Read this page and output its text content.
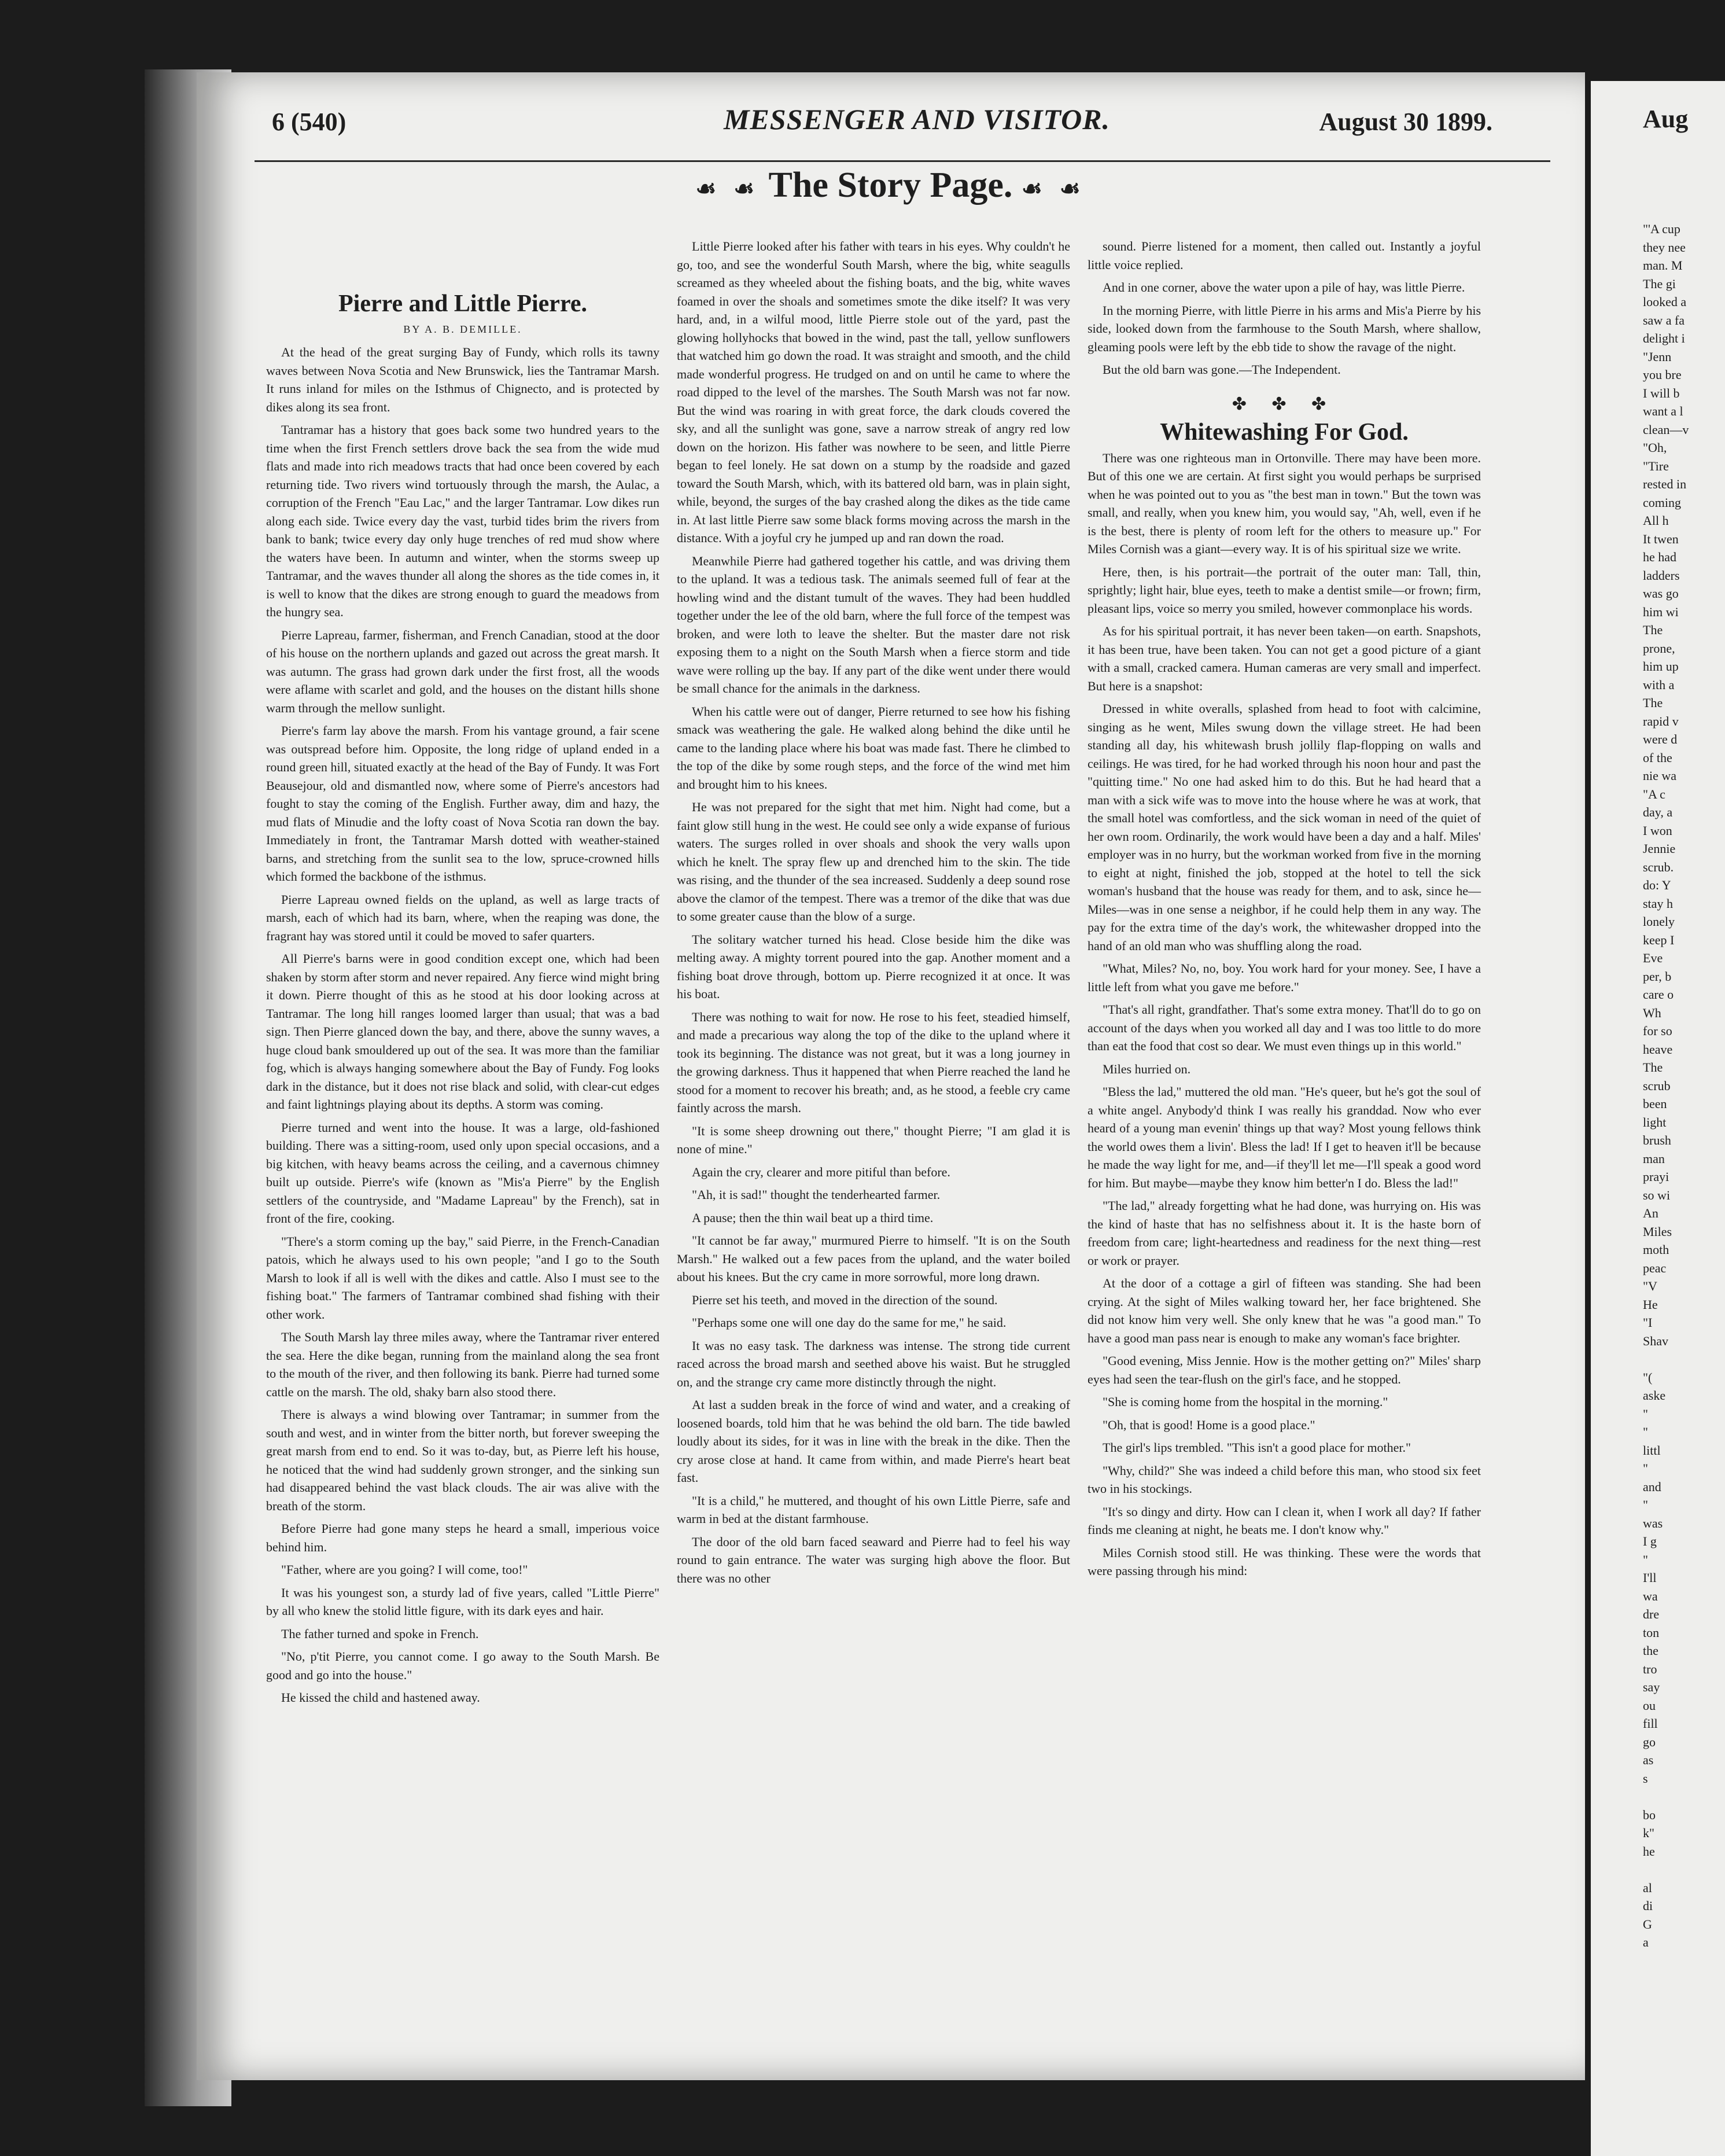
6 (540)	MESSENGER AND VISITOR.	August 30 1899.
☙ ☙ The Story Page. ☙ ☙
Pierre and Little Pierre.
BY A. B. DEMILLE.

At the head of the great surging Bay of Fundy, which rolls its tawny waves between Nova Scotia and New Brunswick, lies the Tantramar Marsh. It runs inland for miles on the Isthmus of Chignecto, and is protected by dikes along its sea front.

Tantramar has a history that goes back some two hundred years to the time when the first French settlers drove back the sea from the wide mud flats and made into rich meadows tracts that had once been covered by each returning tide. Two rivers wind tortuously through the marsh, the Aulac, a corruption of the French "Eau Lac," and the larger Tantramar. Low dikes run along each side. Twice every day the vast, turbid tides brim the rivers from bank to bank; twice every day only huge trenches of red mud show where the waters have been. In autumn and winter, when the storms sweep up Tantramar, and the waves thunder all along the shores as the tide comes in, it is well to know that the dikes are strong enough to guard the meadows from the hungry sea.

Pierre Lapreau, farmer, fisherman, and French Canadian, stood at the door of his house on the northern uplands and gazed out across the great marsh. It was autumn. The grass had grown dark under the first frost, all the woods were aflame with scarlet and gold, and the houses on the distant hills shone warm through the mellow sunlight.

Pierre's farm lay above the marsh. From his vantage ground, a fair scene was outspread before him. Opposite, the long ridge of upland ended in a round green hill, situated exactly at the head of the Bay of Fundy. It was Fort Beausejour, old and dismantled now, where some of Pierre's ancestors had fought to stay the coming of the English. Further away, dim and hazy, the mud flats of Minudie and the lofty coast of Nova Scotia ran down the bay. Immediately in front, the Tantramar Marsh dotted with weather-stained barns, and stretching from the sunlit sea to the low, spruce-crowned hills which formed the backbone of the isthmus.

Pierre Lapreau owned fields on the upland, as well as large tracts of marsh, each of which had its barn, where, when the reaping was done, the fragrant hay was stored until it could be moved to safer quarters.

All Pierre's barns were in good condition except one, which had been shaken by storm after storm and never repaired. Any fierce wind might bring it down. Pierre thought of this as he stood at his door looking across at Tantramar. The long hill ranges loomed larger than usual; that was a bad sign. Then Pierre glanced down the bay, and there, above the sunny waves, a huge cloud bank smouldered up out of the sea. It was more than the familiar fog, which is always hanging somewhere about the Bay of Fundy. Fog looks dark in the distance, but it does not rise black and solid, with clear-cut edges and faint lightnings playing about its depths. A storm was coming.

Pierre turned and went into the house. It was a large, old-fashioned building. There was a sitting-room, used only upon special occasions, and a big kitchen, with heavy beams across the ceiling, and a cavernous chimney built up outside. Pierre's wife (known as "Mis'a Pierre" by the English settlers of the countryside, and "Madame Lapreau" by the French), sat in front of the fire, cooking.

"There's a storm coming up the bay," said Pierre, in the French-Canadian patois, which he always used to his own people; "and I go to the South Marsh to look if all is well with the dikes and cattle. Also I must see to the fishing boat." The farmers of Tantramar combined shad fishing with their other work.

The South Marsh lay three miles away, where the Tantramar river entered the sea. Here the dike began, running from the mainland along the sea front to the mouth of the river, and then following its bank. Pierre had turned some cattle on the marsh. The old, shaky barn also stood there.

There is always a wind blowing over Tantramar; in summer from the south and west, and in winter from the bitter north, but forever sweeping the great marsh from end to end. So it was to-day, but, as Pierre left his house, he noticed that the wind had suddenly grown stronger, and the sinking sun had disappeared behind the vast black clouds. The air was alive with the breath of the storm.

Before Pierre had gone many steps he heard a small, imperious voice behind him.

"Father, where are you going? I will come, too!"

It was his youngest son, a sturdy lad of five years, called "Little Pierre" by all who knew the stolid little figure, with its dark eyes and hair.

The father turned and spoke in French.

"No, p'tit Pierre, you cannot come. I go away to the South Marsh. Be good and go into the house."

He kissed the child and hastened away.

Little Pierre looked after his father with tears in his eyes. Why couldn't he go, too, and see the wonderful South Marsh, where the big, white seagulls screamed as they wheeled about the fishing boats, and the big, white waves foamed in over the shoals and sometimes smote the dike itself? It was very hard, and, in a wilful mood, little Pierre stole out of the yard, past the glowing hollyhocks that bowed in the wind, past the tall, yellow sunflowers that watched him go down the road. It was straight and smooth, and the child made wonderful progress. He trudged on and on until he came to where the road dipped to the level of the marshes. The South Marsh was not far now. But the wind was roaring in with great force, the dark clouds covered the sky, and all the sunlight was gone, save a narrow streak of angry red low down on the horizon. His father was nowhere to be seen, and little Pierre began to feel lonely. He sat down on a stump by the roadside and gazed toward the South Marsh, which, with its battered old barn, was in plain sight, while, beyond, the surges of the bay crashed along the dikes as the tide came in. At last little Pierre saw some black forms moving across the marsh in the distance. With a joyful cry he jumped up and ran down the road.

Meanwhile Pierre had gathered together his cattle, and was driving them to the upland. It was a tedious task. The animals seemed full of fear at the howling wind and the distant tumult of the waves. They had been huddled together under the lee of the old barn, where the full force of the tempest was broken, and were loth to leave the shelter. But the master dare not risk exposing them to a night on the South Marsh when a fierce storm and tide wave were rolling up the bay. If any part of the dike went under there would be small chance for the animals in the darkness.

When his cattle were out of danger, Pierre returned to see how his fishing smack was weathering the gale. He walked along behind the dike until he came to the landing place where his boat was made fast. There he climbed to the top of the dike by some rough steps, and the force of the wind met him and brought him to his knees.

He was not prepared for the sight that met him. Night had come, but a faint glow still hung in the west. He could see only a wide expanse of furious waters. The surges rolled in over shoals and shook the very walls upon which he knelt. The spray flew up and drenched him to the skin. The tide was rising, and the thunder of the sea increased. Suddenly a deep sound rose above the clamor of the tempest. There was a tremor of the dike that was due to some greater cause than the blow of a surge.

The solitary watcher turned his head. Close beside him the dike was melting away. A mighty torrent poured into the gap. Another moment and a fishing boat drove through, bottom up. Pierre recognized it at once. It was his boat.

There was nothing to wait for now. He rose to his feet, steadied himself, and made a precarious way along the top of the dike to the upland where it took its beginning. The distance was not great, but it was a long journey in the growing darkness. Thus it happened that when Pierre reached the land he stood for a moment to recover his breath; and, as he stood, a feeble cry came faintly across the marsh.

"It is some sheep drowning out there," thought Pierre; "I am glad it is none of mine."

Again the cry, clearer and more pitiful than before.

"Ah, it is sad!" thought the tenderhearted farmer.

A pause; then the thin wail beat up a third time.

"It cannot be far away," murmured Pierre to himself. "It is on the South Marsh." He walked out a few paces from the upland, and the water boiled about his knees. But the cry came in more sorrowful, more long drawn.

Pierre set his teeth, and moved in the direction of the sound.

"Perhaps some one will one day do the same for me," he said.

It was no easy task. The darkness was intense. The strong tide current raced across the broad marsh and seethed above his waist. But he struggled on, and the strange cry came more distinctly through the night.

At last a sudden break in the force of wind and water, and a creaking of loosened boards, told him that he was behind the old barn. The tide bawled loudly about its sides, for it was in line with the break in the dike. Then the cry arose close at hand. It came from within, and made Pierre's heart beat fast.

"It is a child," he muttered, and thought of his own Little Pierre, safe and warm in bed at the distant farmhouse.

The door of the old barn faced seaward and Pierre had to feel his way round to gain entrance. The water was surging high above the floor. But there was no other

sound. Pierre listened for a moment, then called out. Instantly a joyful little voice replied.

And in one corner, above the water upon a pile of hay, was little Pierre.

In the morning Pierre, with little Pierre in his arms and Mis'a Pierre by his side, looked down from the farmhouse to the South Marsh, where shallow, gleaming pools were left by the ebb tide to show the ravage of the night.

But the old barn was gone.—The Independent.

✤ ✤ ✤
Whitewashing For God.

There was one righteous man in Ortonville. There may have been more. But of this one we are certain. At first sight you would perhaps be surprised when he was pointed out to you as "the best man in town." But the town was small, and really, when you knew him, you would say, "Ah, well, even if he is the best, there is plenty of room left for the others to measure up." For Miles Cornish was a giant—every way. It is of his spiritual size we write.

Here, then, is his portrait—the portrait of the outer man: Tall, thin, sprightly; light hair, blue eyes, teeth to make a dentist smile—or frown; firm, pleasant lips, voice so merry you smiled, however commonplace his words.

As for his spiritual portrait, it has never been taken—on earth. Snapshots, it has been true, have been taken. You can not get a good picture of a giant with a small, cracked camera. Human cameras are very small and imperfect. But here is a snapshot:

Dressed in white overalls, splashed from head to foot with calcimine, singing as he went, Miles swung down the village street. He had been standing all day, his whitewash brush jollily flap-flopping on walls and ceilings. He was tired, for he had worked through his noon hour and past the "quitting time." No one had asked him to do this. But he had heard that a man with a sick wife was to move into the house where he was at work, that the small hotel was comfortless, and the sick woman in need of the quiet of her own room. Ordinarily, the work would have been a day and a half. Miles' employer was in no hurry, but the workman worked from five in the morning to eight at night, finished the job, stopped at the hotel to tell the sick woman's husband that the house was ready for them, and to ask, since he—Miles—was in one sense a neighbor, if he could help them in any way. The pay for the extra time of the day's work, the whitewasher dropped into the hand of an old man who was shuffling along the road.

"What, Miles? No, no, boy. You work hard for your money. See, I have a little left from what you gave me before."

"That's all right, grandfather. That's some extra money. That'll do to go on account of the days when you worked all day and I was too little to do more than eat the food that cost so dear. We must even things up in this world."

Miles hurried on.

"Bless the lad," muttered the old man. "He's queer, but he's got the soul of a white angel. Anybody'd think I was really his granddad. Now who ever heard of a young man evenin' things up that way? Most young fellows think the world owes them a livin'. Bless the lad! If I get to heaven it'll be because he made the way light for me, and—if they'll let me—I'll speak a good word for him. But maybe—maybe they know him better'n I do. Bless the lad!"

"The lad," already forgetting what he had done, was hurrying on. His was the kind of haste that has no selfishness about it. It is the haste born of freedom from care; light-heartedness and readiness for the next thing—rest or work or prayer.

At the door of a cottage a girl of fifteen was standing. She had been crying. At the sight of Miles walking toward her, her face brightened. She did not know him very well. She only knew that he was "a good man." To have a good man pass near is enough to make any woman's face brighter.

"Good evening, Miss Jennie. How is the mother getting on?" Miles' sharp eyes had seen the tear-flush on the girl's face, and he stopped.

"She is coming home from the hospital in the morning."

"Oh, that is good! Home is a good place."

The girl's lips trembled. "This isn't a good place for mother."

"Why, child?" She was indeed a child before this man, who stood six feet two in his stockings.

"It's so dingy and dirty. How can I clean it, when I work all day? If father finds me cleaning at night, he beats me. I don't know why."

Miles Cornish stood still. He was thinking. These were the words that were passing through his mind:

Aug
"'A cup
they nee
man. M
The gi
looked a
saw a fa
delight i
"Jenn
you bre
I will b
want a l
clean—v
"Oh,
"Tire
rested in
coming
All h
It twen
he had
ladders
was go
him wi
The
prone,
him up
with a
The
rapid v
were d
of the
nie wa
"A c
day, a
I won
Jennie
scrub.
do: Y
stay h
lonely
keep I
Eve
per, b
care o
Wh
for so
heave
The
scrub
been
light
brush
man
prayi
so wi
An
Miles
moth
peac
"V
He
"I
Shav

"(
aske
"
"
littl
"
and
"
was
I g
"
I'll
wa
dre
ton
the
tro
say
ou
fill
go
as
s

bo
k"
he

al
di
G
a
